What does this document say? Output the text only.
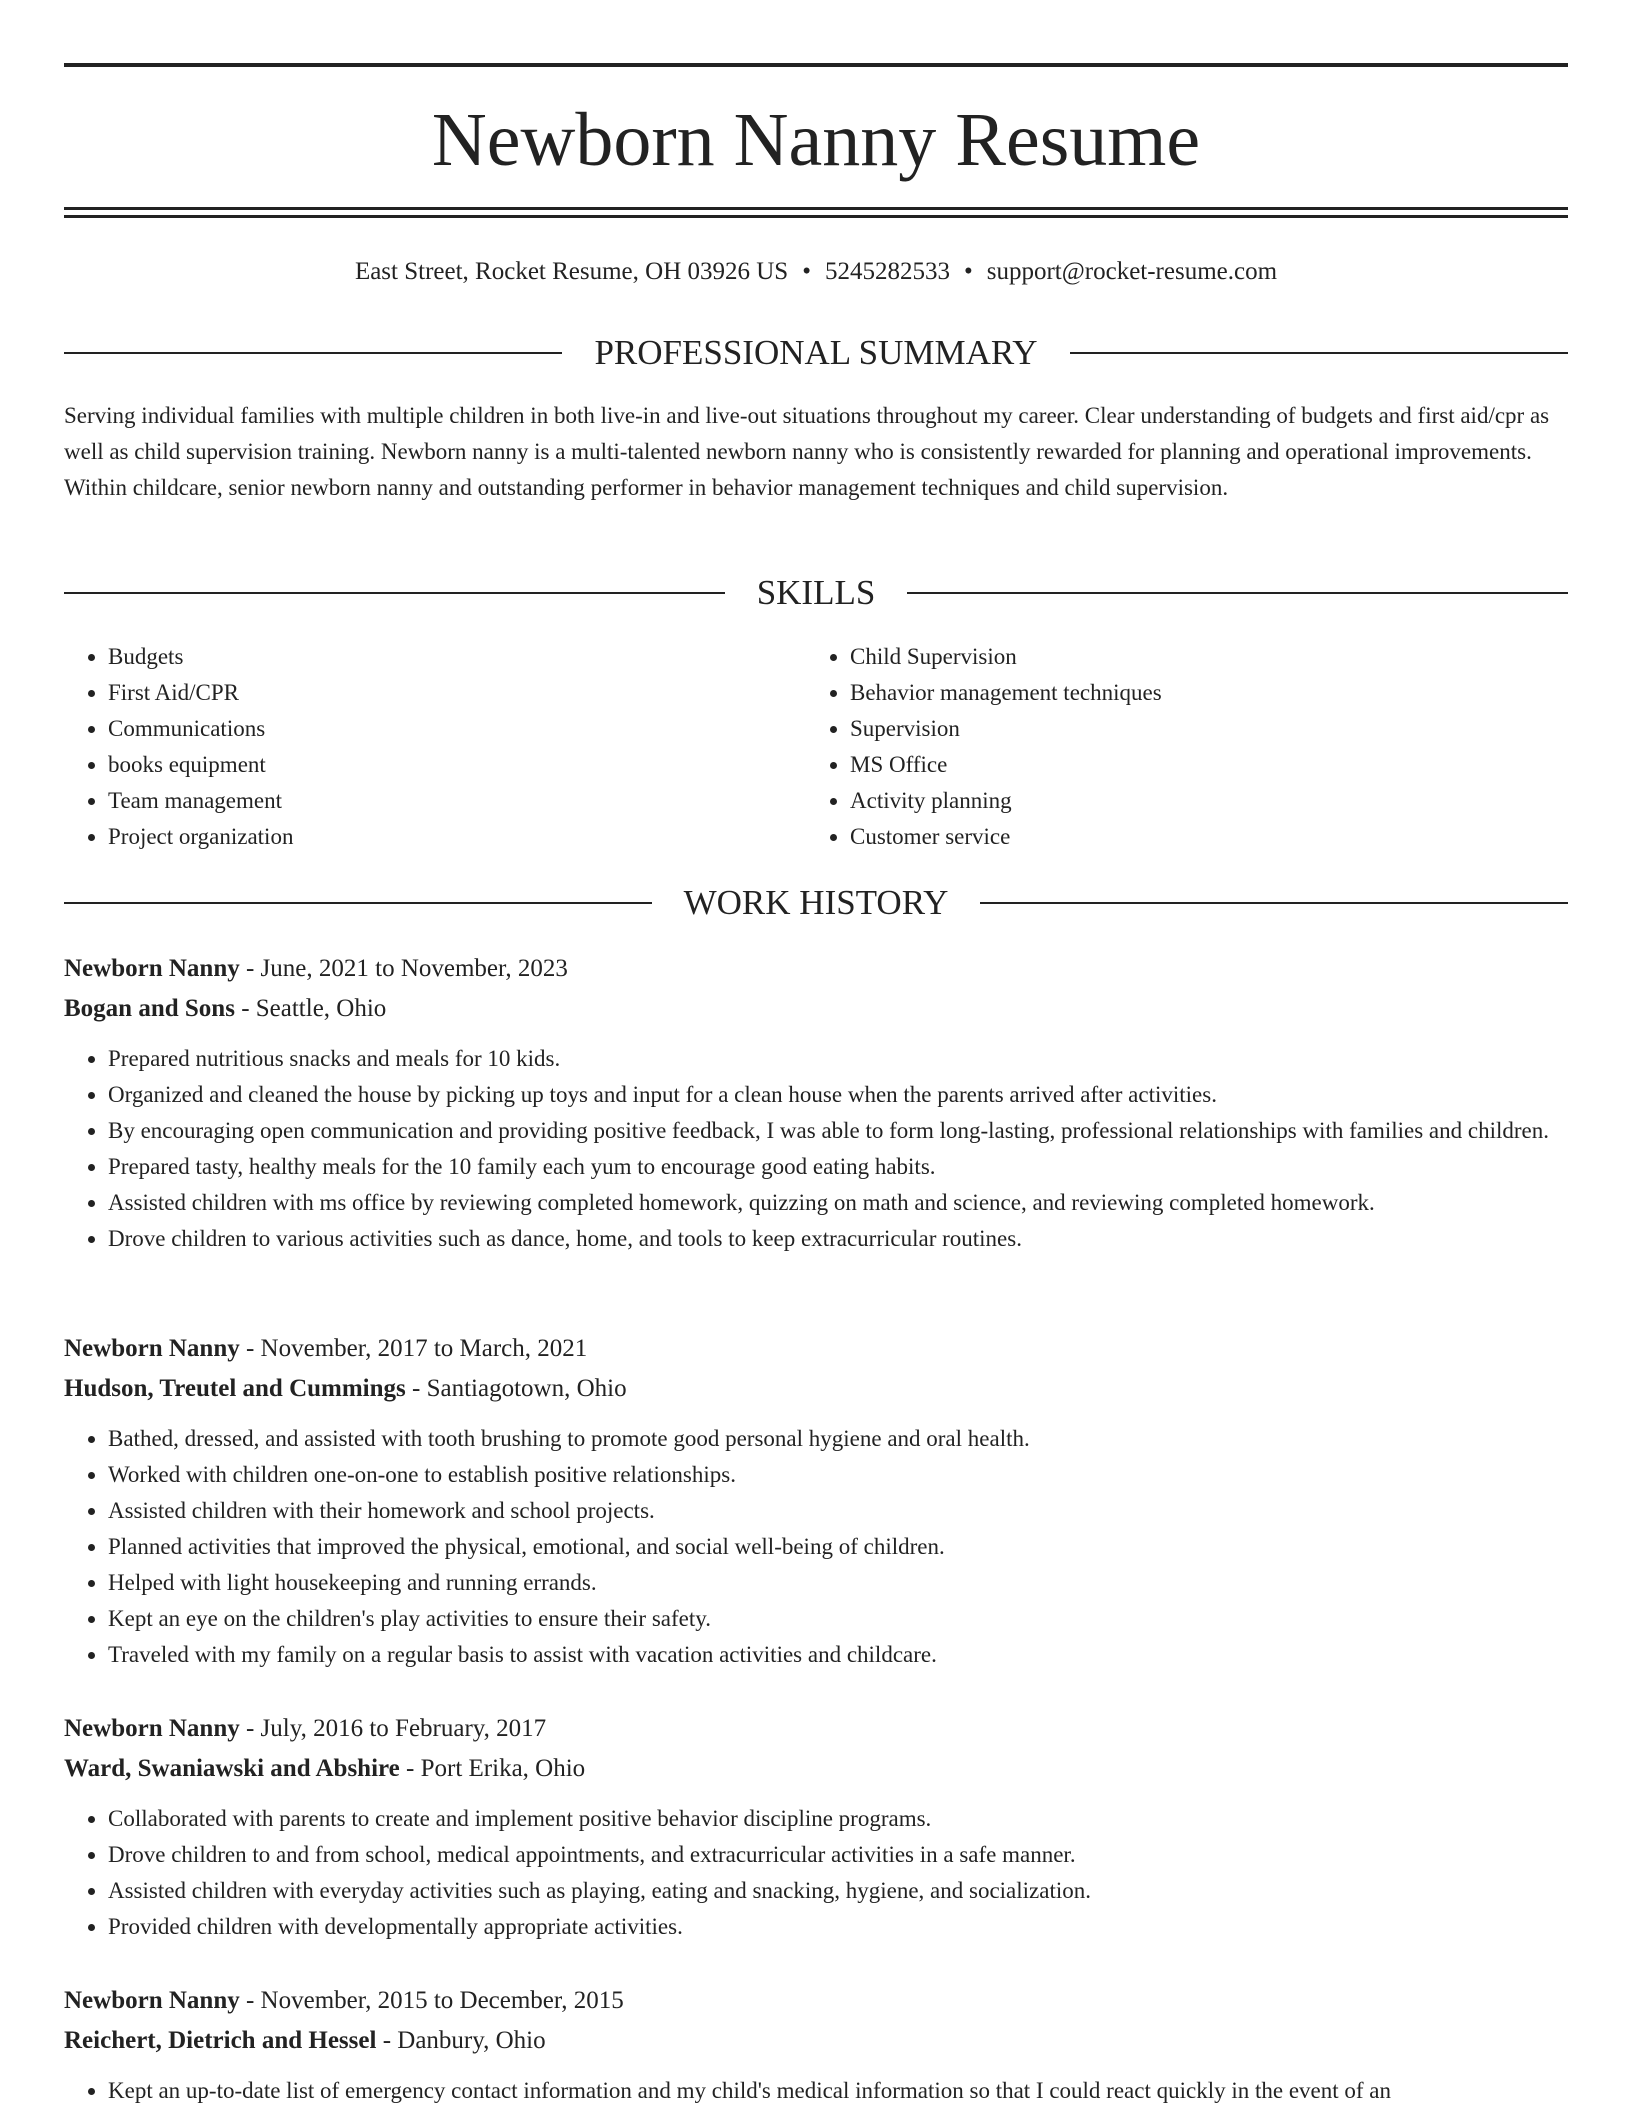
Newborn Nanny Resume
East Street, Rocket Resume, OH 03926 US • 5245282533 • support@rocket-resume.com
PROFESSIONAL SUMMARY

Serving individual families with multiple children in both live-in and live-out situations throughout my career. Clear understanding of budgets and first aid/cpr as well as child supervision training. Newborn nanny is a multi-talented newborn nanny who is consistently rewarded for planning and operational improvements. Within childcare, senior newborn nanny and outstanding performer in behavior management techniques and child supervision.

SKILLS
• Budgets
• First Aid/CPR
• Communications
• books equipment
• Team management
• Project organization
• Child Supervision
• Behavior management techniques
• Supervision
• MS Office
• Activity planning
• Customer service
WORK HISTORY
Newborn Nanny - June, 2021 to November, 2023
Bogan and Sons - Seattle, Ohio
• Prepared nutritious snacks and meals for 10 kids.
• Organized and cleaned the house by picking up toys and input for a clean house when the parents arrived after activities.
• By encouraging open communication and providing positive feedback, I was able to form long-lasting, professional relationships with families and children.
• Prepared tasty, healthy meals for the 10 family each yum to encourage good eating habits.
• Assisted children with ms office by reviewing completed homework, quizzing on math and science, and reviewing completed homework.
• Drove children to various activities such as dance, home, and tools to keep extracurricular routines.
Newborn Nanny - November, 2017 to March, 2021
Hudson, Treutel and Cummings - Santiagotown, Ohio
• Bathed, dressed, and assisted with tooth brushing to promote good personal hygiene and oral health.
• Worked with children one-on-one to establish positive relationships.
• Assisted children with their homework and school projects.
• Planned activities that improved the physical, emotional, and social well-being of children.
• Helped with light housekeeping and running errands.
• Kept an eye on the children's play activities to ensure their safety.
• Traveled with my family on a regular basis to assist with vacation activities and childcare.
Newborn Nanny - July, 2016 to February, 2017
Ward, Swaniawski and Abshire - Port Erika, Ohio
• Collaborated with parents to create and implement positive behavior discipline programs.
• Drove children to and from school, medical appointments, and extracurricular activities in a safe manner.
• Assisted children with everyday activities such as playing, eating and snacking, hygiene, and socialization.
• Provided children with developmentally appropriate activities.
Newborn Nanny - November, 2015 to December, 2015
Reichert, Dietrich and Hessel - Danbury, Ohio
• Kept an up-to-date list of emergency contact information and my child's medical information so that I could react quickly in the event of an
